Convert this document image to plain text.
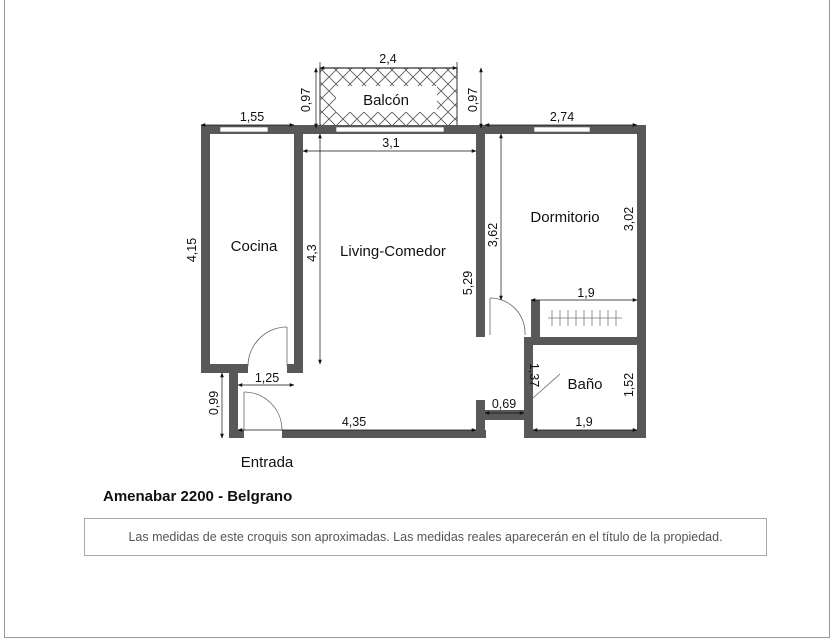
Balcón
Cocina	Living-Comedor
Dormitorio
Baño
Entrada
2,4
0,97	0,97
1,55	2,74
3,1
4,15	4,3
3,62
5,29
3,02
1,9
1,25
0,99
4,35
0,69
1,37	1,52
1,9
Amenabar 2200 - Belgrano
Las medidas de este croquis son aproximadas. Las medidas reales aparecerán en el título de la propiedad.
